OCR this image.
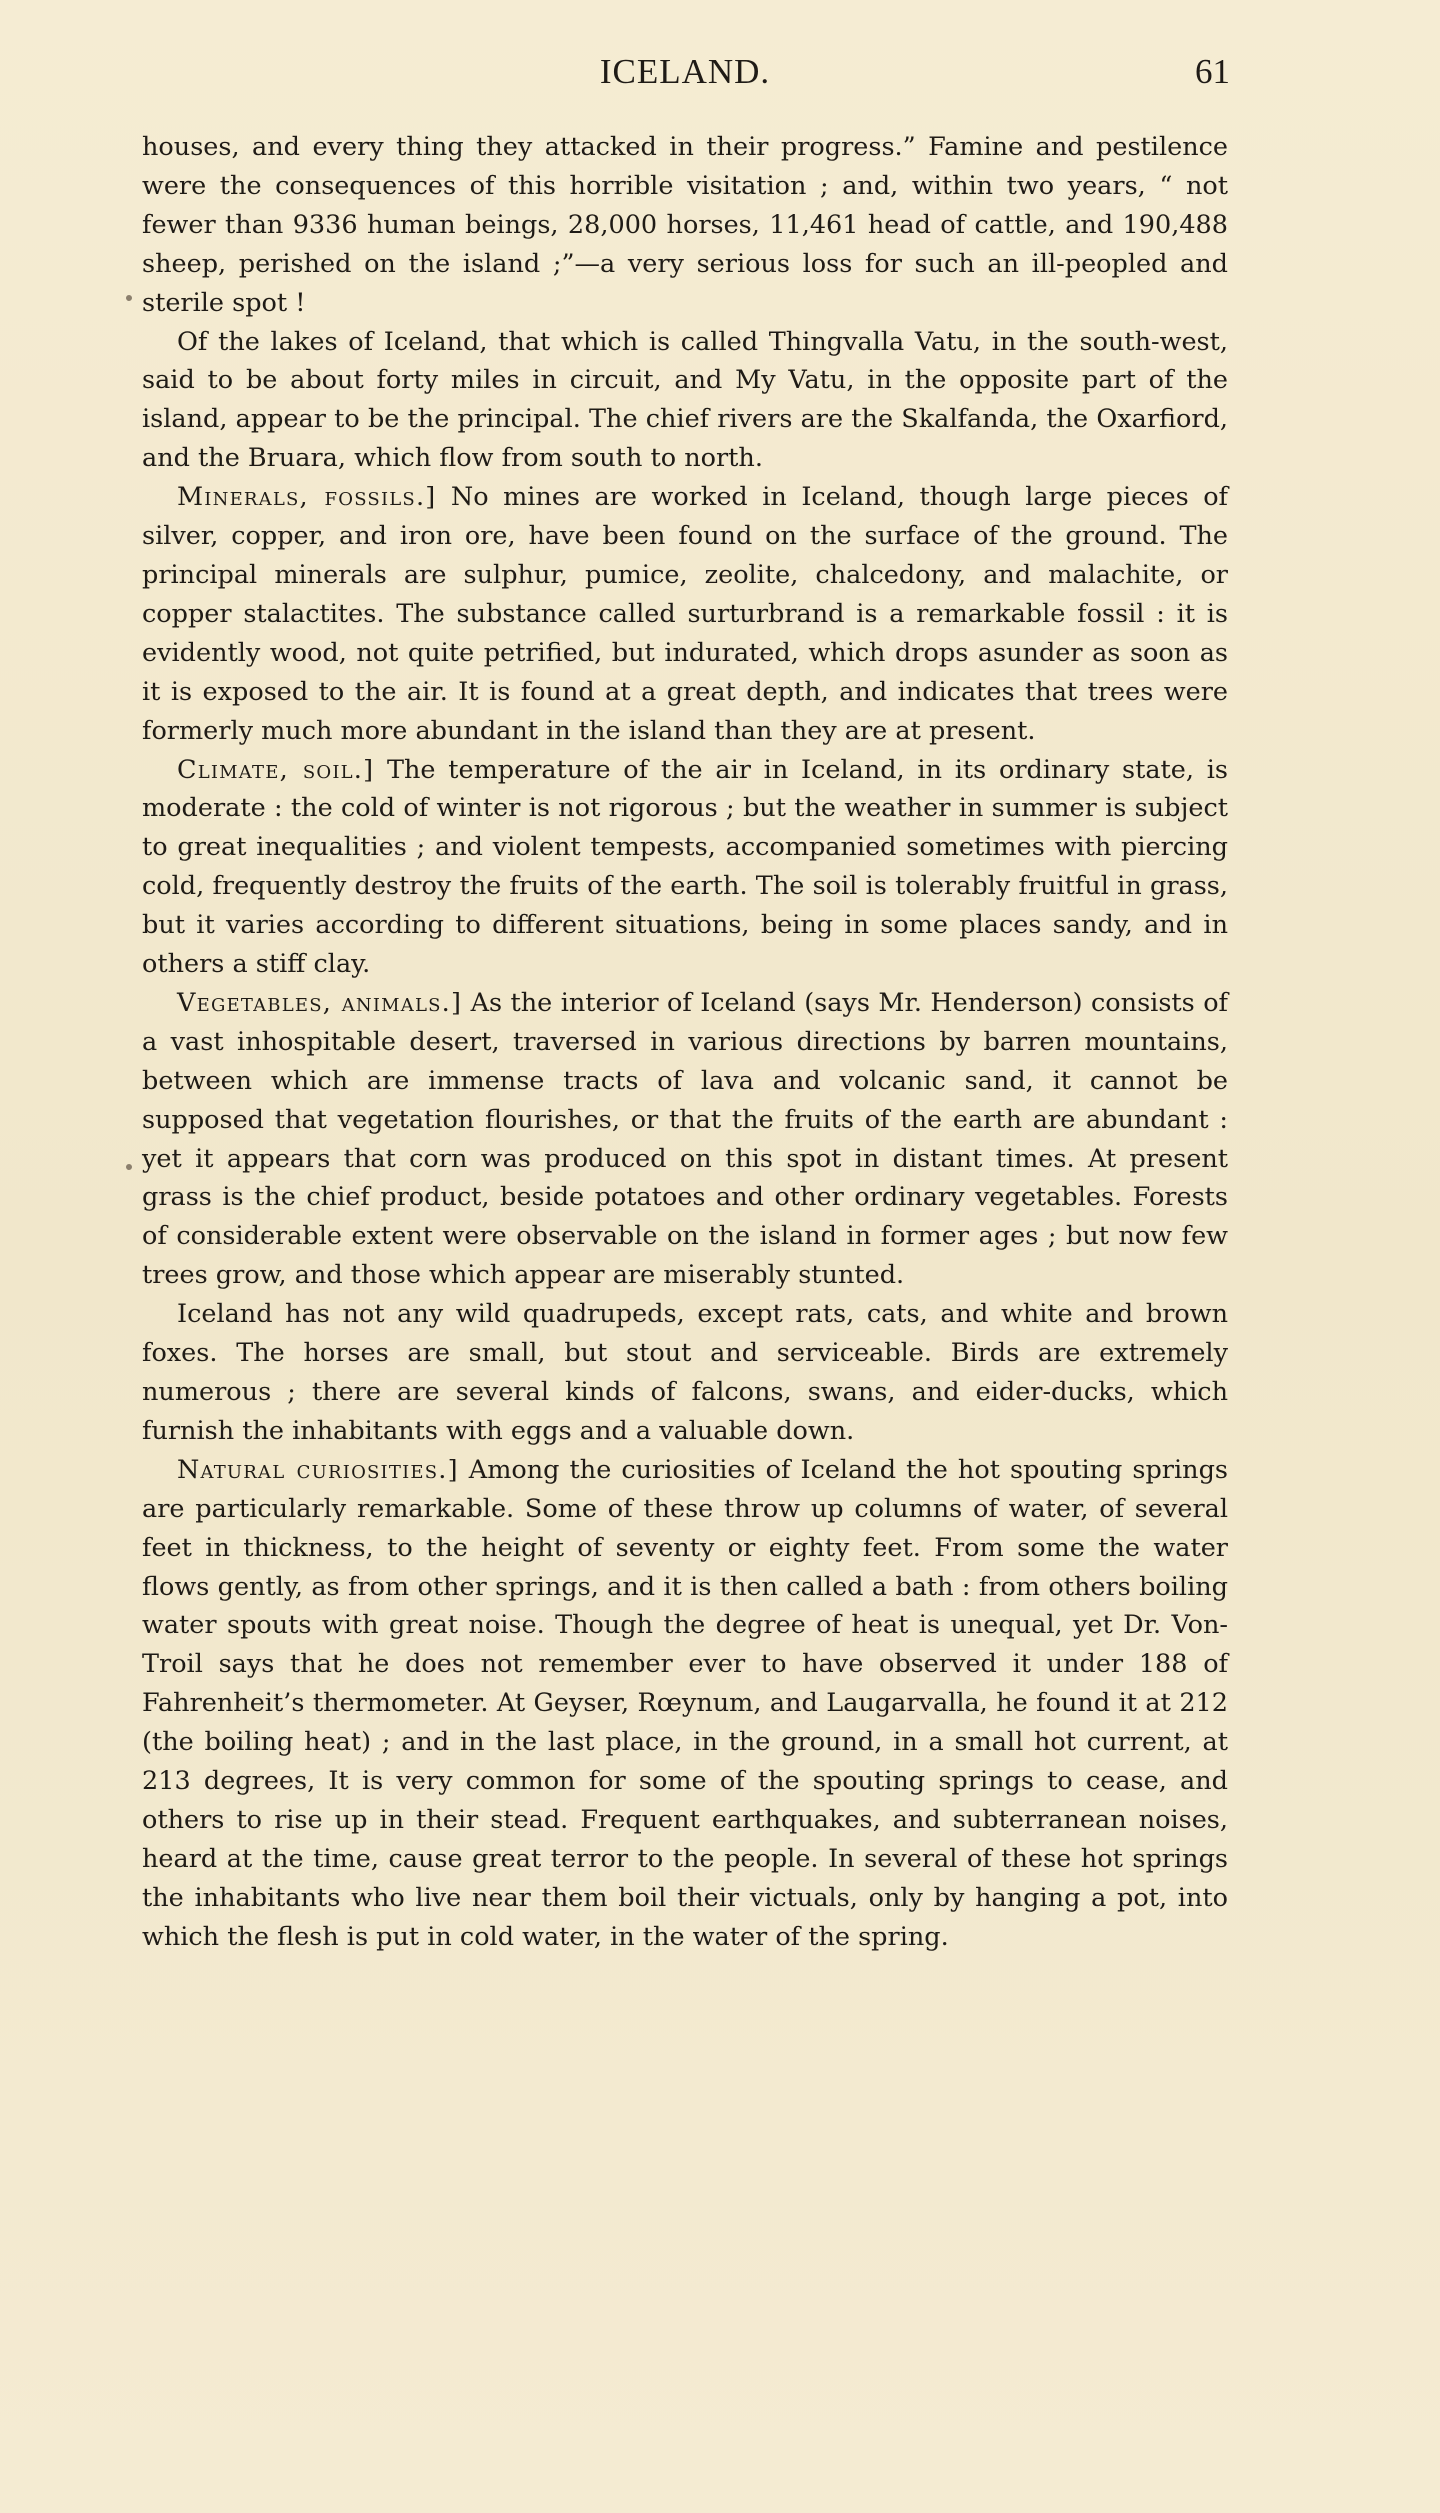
ICELAND.	61

houses, and every thing they attacked in their progress.” Famine and pestilence were the consequences of this horrible visitation ; and, within two years, “ not fewer than 9336 human beings, 28,000 horses, 11,461 head of cattle, and 190,488 sheep, perished on the island ;”—a very serious loss for such an ill-peopled and sterile spot !

Of the lakes of Iceland, that which is called Thingvalla Vatu, in the south-west, said to be about forty miles in circuit, and My Vatu, in the opposite part of the island, appear to be the principal. The chief rivers are the Skalfanda, the Oxarfiord, and the Bruara, which flow from south to north.

Minerals, fossils.] No mines are worked in Iceland, though large pieces of silver, copper, and iron ore, have been found on the surface of the ground. The principal minerals are sulphur, pumice, zeolite, chalcedony, and malachite, or copper stalactites. The substance called surturbrand is a remarkable fossil : it is evidently wood, not quite petrified, but indurated, which drops asunder as soon as it is exposed to the air. It is found at a great depth, and indicates that trees were formerly much more abundant in the island than they are at present.

Climate, soil.] The temperature of the air in Iceland, in its ordinary state, is moderate : the cold of winter is not rigorous ; but the weather in summer is subject to great inequalities ; and violent tempests, accompanied sometimes with piercing cold, frequently destroy the fruits of the earth. The soil is tolerably fruitful in grass, but it varies according to different situations, being in some places sandy, and in others a stiff clay.

Vegetables, animals.] As the interior of Iceland (says Mr. Henderson) consists of a vast inhospitable desert, traversed in various directions by barren mountains, between which are immense tracts of lava and volcanic sand, it cannot be supposed that vegetation flourishes, or that the fruits of the earth are abundant : yet it appears that corn was produced on this spot in distant times. At present grass is the chief product, beside potatoes and other ordinary vegetables. Forests of considerable extent were observable on the island in former ages ; but now few trees grow, and those which appear are miserably stunted.

Iceland has not any wild quadrupeds, except rats, cats, and white and brown foxes. The horses are small, but stout and serviceable. Birds are extremely numerous ; there are several kinds of falcons, swans, and eider-ducks, which furnish the inhabitants with eggs and a valuable down.

Natural curiosities.] Among the curiosities of Iceland the hot spouting springs are particularly remarkable. Some of these throw up columns of water, of several feet in thickness, to the height of seventy or eighty feet. From some the water flows gently, as from other springs, and it is then called a bath : from others boiling water spouts with great noise. Though the degree of heat is unequal, yet Dr. Von-Troil says that he does not remember ever to have observed it under 188 of Fahrenheit’s thermometer. At Geyser, Rœynum, and Laugarvalla, he found it at 212 (the boiling heat) ; and in the last place, in the ground, in a small hot current, at 213 degrees, It is very common for some of the spouting springs to cease, and others to rise up in their stead. Frequent earthquakes, and subterranean noises, heard at the time, cause great terror to the people. In several of these hot springs the inhabitants who live near them boil their victuals, only by hanging a pot, into which the flesh is put in cold water, in the water of the spring.
